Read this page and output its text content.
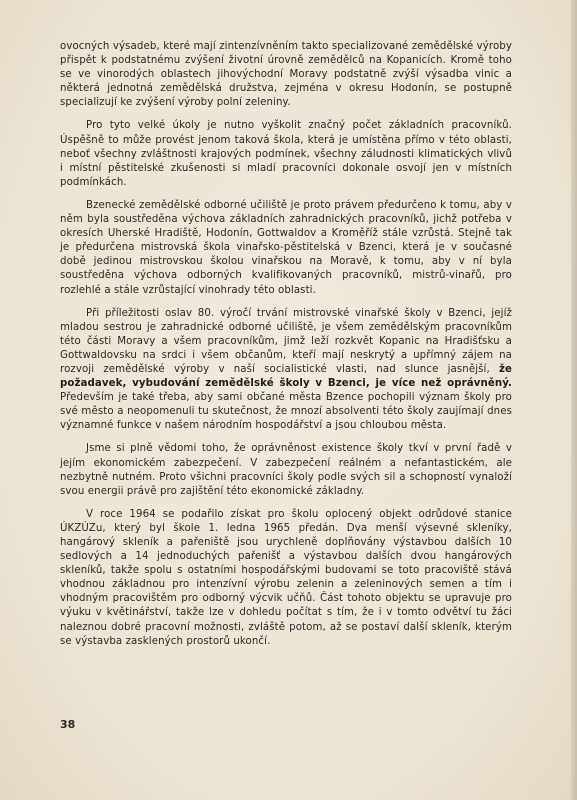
ovocných výsadeb, které mají zintenzívněním takto specializované zemědělské výroby přispět k podstatnému zvýšení životní úrovně zemědělců na Kopanicích. Kromě toho se ve vinorodých oblastech jihovýchodní Moravy podstatně zvýší výsadba vinic a některá jednotná zemědělská družstva, zejména v okresu Hodonín, se postupně specializují ke zvýšení výroby polní zeleniny.

Pro tyto velké úkoly je nutno vyškolit značný počet základních pracovníků. Úspěšně to může provést jenom taková škola, která je umístěna přímo v této oblasti, neboť všechny zvláštnosti krajových podmínek, všechny záludnosti klimatických vlivů i místní pěstitelské zkušenosti si mladí pracovníci dokonale osvojí jen v místních podmínkách.

Bzenecké zemědělské odborné učiliště je proto právem předurčeno k tomu, aby v něm byla soustředěna výchova základních zahradnických pracovníků, jichž potřeba v okresích Uherské Hradiště, Hodonín, Gottwaldov a Kroměříž stále vzrůstá. Stejně tak je předurčena mistrovská škola vinařsko-pěstitelská v Bzenci, která je v současné době jedinou mistrovskou školou vinařskou na Moravě, k tomu, aby v ní byla soustředěna výchova odborných kvalifikovaných pracovníků, mistrů-vinařů, pro rozlehlé a stále vzrůstající vinohrady této oblasti.

Při příležitosti oslav 80. výročí trvání mistrovské vinařské školy v Bzenci, jejíž mladou sestrou je zahradnické odborné učiliště, je všem zemědělským pracovníkům této části Moravy a všem pracovníkům, jimž leží rozkvět Kopanic na Hradišťsku a Gottwaldovsku na srdci i všem občanům, kteří mají neskrytý a upřímný zájem na rozvoji zemědělské výroby v naší socialistické vlasti, nad slunce jasnější, že požadavek, vybudování zemědělské školy v Bzenci, je více než oprávněný. Především je také třeba, aby sami občané města Bzence pochopili význam školy pro své město a neopomenuli tu skutečnost, že mnozí absolventi této školy zaujímají dnes významné funkce v našem národním hospodářství a jsou chloubou města.

Jsme si plně vědomi toho, že oprávněnost existence školy tkví v první řadě v jejím ekonomickém zabezpečení. V zabezpečení reálném a nefantastickém, ale nezbytně nutném. Proto všichni pracovníci školy podle svých sil a schopností vynaloží svou energii právě pro zajištění této ekonomické základny.

V roce 1964 se podařilo získat pro školu oplocený objekt odrůdové stanice ÚKZÚZu, který byl škole 1. ledna 1965 předán. Dva menší výsevné skleníky, hangárový skleník a pařeniště jsou urychleně doplňovány výstavbou dalších 10 sedlových a 14 jednoduchých pařenišť a výstavbou dalších dvou hangárových skleníků, takže spolu s ostatními hospodářskými budovami se toto pracoviště stává vhodnou základnou pro intenzívní výrobu zelenin a zeleninových semen a tím i vhodným pracovištěm pro odborný výcvik učňů. Část tohoto objektu se upravuje pro výuku v květinářství, takže lze v dohledu počítat s tím, že i v tomto odvětví tu žáci naleznou dobré pracovní možnosti, zvláště potom, až se postaví další skleník, kterým se výstavba zasklených prostorů ukončí.

38
